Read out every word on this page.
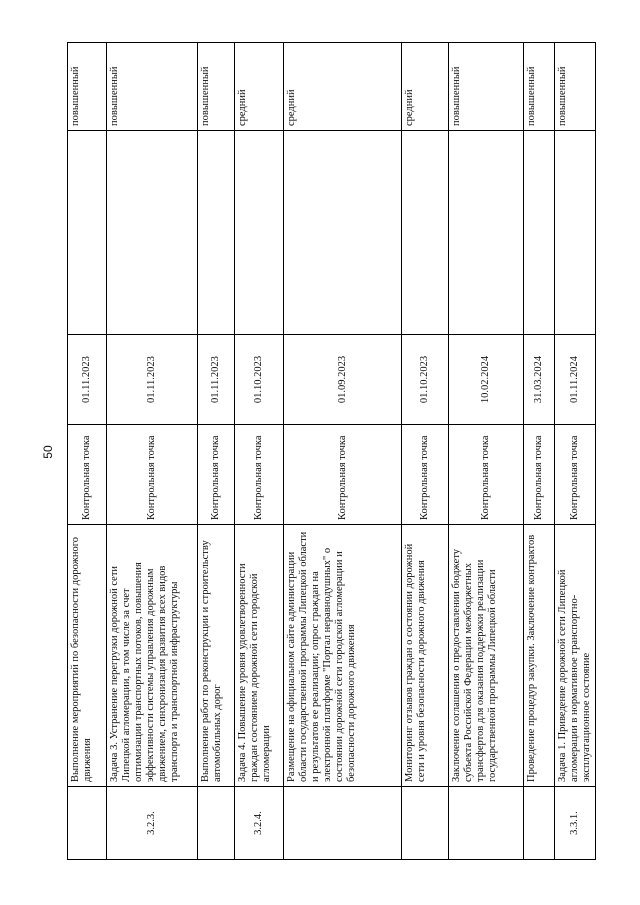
50
	Выполнение мероприятий по безопасности дорожного движения	Контрольная точка	01.11.2023		повышенный
3.2.3.	Задача 3. Устранение перегрузки дорожной сети Липецкой агломерации, в том числе за счет оптимизации транспортных потоков, повышения эффективности системы управления дорожным движением, синхронизация развития всех видов транспорта и транспортной инфраструктуры	Контрольная точка	01.11.2023		повышенный
	Выполнение работ по реконструкции и строительству автомобильных дорог	Контрольная точка	01.11.2023		повышенный
3.2.4.	Задача 4. Повышение уровня удовлетворенности граждан состоянием дорожной сети городской агломерации	Контрольная точка	01.10.2023		средний
	Размещение на официальном сайте администрации области государственной программы Липецкой области и результатов ее реализации; опрос граждан на электронной платформе "Портал неравнодушных" о состоянии дорожной сети городской агломерации и безопасности дорожного движения	Контрольная точка	01.09.2023		средний
	Мониторинг отзывов граждан о состоянии дорожной сети и уровня безопасности дорожного движения	Контрольная точка	01.10.2023		средний
	Заключение соглашения о предоставлении бюджету субъекта Российской Федерации межбюджетных трансфертов для оказания поддержки реализации государственной программы Липецкой области	Контрольная точка	10.02.2024		повышенный
	Проведение процедур закупки. Заключение контрактов	Контрольная точка	31.03.2024		повышенный
3.3.1.	Задача 1. Приведение дорожной сети Липецкой агломерации в нормативное транспортно-эксплуатационное состояние	Контрольная точка	01.11.2024		повышенный
